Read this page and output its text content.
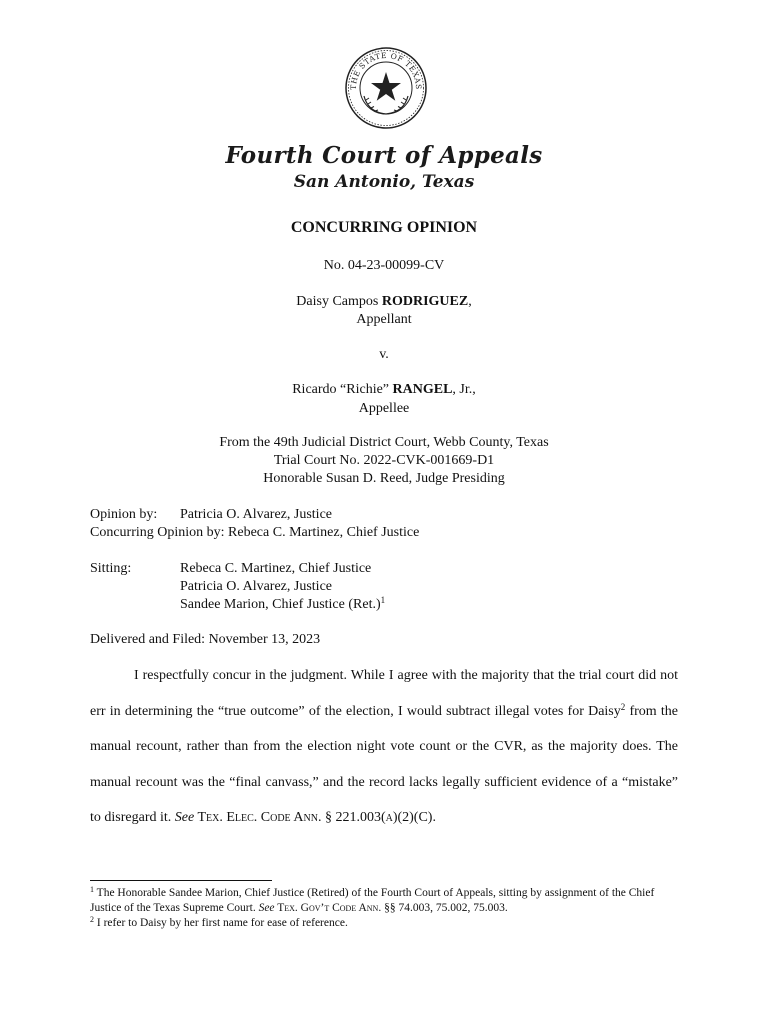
THE STATE OF TEXAS
Fourth Court of Appeals
San Antonio, Texas
CONCURRING OPINION
No. 04-23-00099-CV
Daisy Campos RODRIGUEZ,
Appellant
v.
Ricardo “Richie” RANGEL, Jr.,
Appellee
From the 49th Judicial District Court, Webb County, Texas
Trial Court No. 2022-CVK-001669-D1
Honorable Susan D. Reed, Judge Presiding
Opinion by: Patricia O. Alvarez, Justice
Concurring Opinion by: Rebeca C. Martinez, Chief Justice
Sitting:	Rebeca C. Martinez, Chief Justice
Patricia O. Alvarez, Justice
Sandee Marion, Chief Justice $(Ret.)^1$
Delivered and Filed: November 13, 2023
I respectfully concur in the judgment. While I agree with the majority that the trial court did not err in determining the “true outcome” of the election, I would subtract illegal votes for Daisy$^2$ from the manual recount, rather than from the election night vote count or the CVR, as the majority does. The manual recount was the “final canvass,” and the record lacks legally sufficient evidence of a “mistake” to disregard it. See Tex. Elec. Code Ann. § 221.003(a)(2)(C).
$^1$ The Honorable Sandee Marion, Chief Justice (Retired) of the Fourth Court of Appeals, sitting by assignment of the Chief Justice of the Texas Supreme Court. See Tex. Gov’t Code Ann. §§ 74.003, 75.002, 75.003.
$^2$ I refer to Daisy by her first name for ease of reference.
